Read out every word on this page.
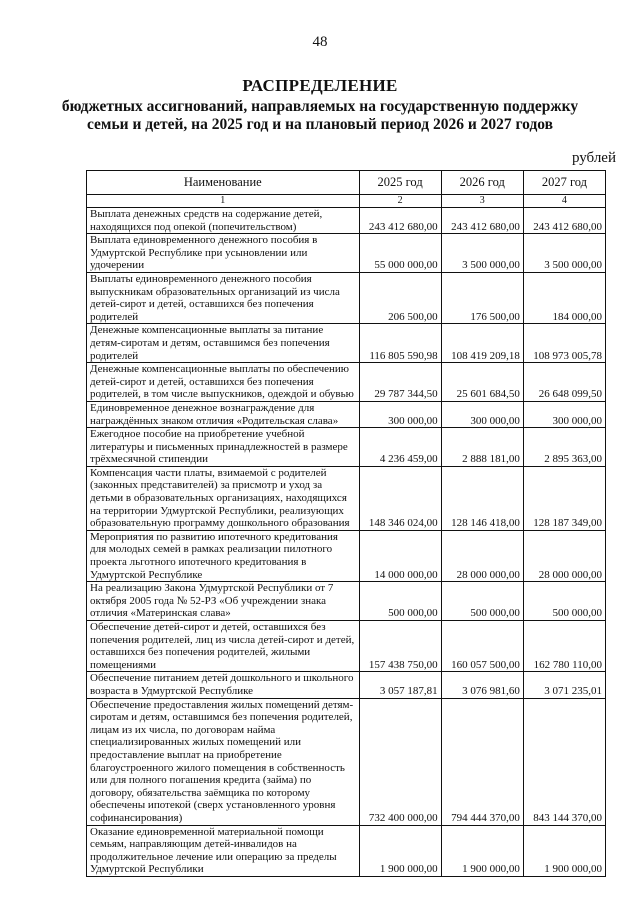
48
РАСПРЕДЕЛЕНИЕ
бюджетных ассигнований, направляемых на государственную поддержку
семьи и детей, на 2025 год и на плановый период 2026 и 2027 годов
рублей
Наименование	2025 год	2026 год	2027 год
1	2	3	4
Выплата денежных средств на содержание детей, находящихся под опекой (попечительством)	243 412 680,00	243 412 680,00	243 412 680,00
Выплата единовременного денежного пособия в Удмуртской Республике при усыновлении или удочерении	55 000 000,00	3 500 000,00	3 500 000,00
Выплаты единовременного денежного пособия выпускникам образовательных организаций из числа детей-сирот и детей, оставшихся без попечения родителей	206 500,00	176 500,00	184 000,00
Денежные компенсационные выплаты за питание детям-сиротам и детям, оставшимся без попечения родителей	116 805 590,98	108 419 209,18	108 973 005,78
Денежные компенсационные выплаты по обеспечению детей-сирот и детей, оставшихся без попечения родителей, в том числе выпускников, одеждой и обувью	29 787 344,50	25 601 684,50	26 648 099,50
Единовременное денежное вознаграждение для награждённых знаком отличия «Родительская слава»	300 000,00	300 000,00	300 000,00
Ежегодное пособие на приобретение учебной литературы и письменных принадлежностей в размере трёхмесячной стипендии	4 236 459,00	2 888 181,00	2 895 363,00
Компенсация части платы, взимаемой с родителей (законных представителей) за присмотр и уход за детьми в образовательных организациях, находящихся на территории Удмуртской Республики, реализующих образовательную программу дошкольного образования	148 346 024,00	128 146 418,00	128 187 349,00
Мероприятия по развитию ипотечного кредитования для молодых семей в рамках реализации пилотного проекта льготного ипотечного кредитования в Удмуртской Республике	14 000 000,00	28 000 000,00	28 000 000,00
На реализацию Закона Удмуртской Республики от 7 октября 2005 года № 52-РЗ «Об учреждении знака отличия «Материнская слава»	500 000,00	500 000,00	500 000,00
Обеспечение детей-сирот и детей, оставшихся без попечения родителей, лиц из числа детей-сирот и детей, оставшихся без попечения родителей, жилыми помещениями	157 438 750,00	160 057 500,00	162 780 110,00
Обеспечение питанием детей дошкольного и школьного возраста в Удмуртской Республике	3 057 187,81	3 076 981,60	3 071 235,01
Обеспечение предоставления жилых помещений детям-сиротам и детям, оставшимся без попечения родителей, лицам из их числа, по договорам найма специализированных жилых помещений или предоставление выплат на приобретение благоустроенного жилого помещения в собственность или для полного погашения кредита (займа) по договору, обязательства заёмщика по которому обеспечены ипотекой (сверх установленного уровня софинансирования)	732 400 000,00	794 444 370,00	843 144 370,00
Оказание единовременной материальной помощи семьям, направляющим детей-инвалидов на продолжительное лечение или операцию за пределы Удмуртской Республики	1 900 000,00	1 900 000,00	1 900 000,00
